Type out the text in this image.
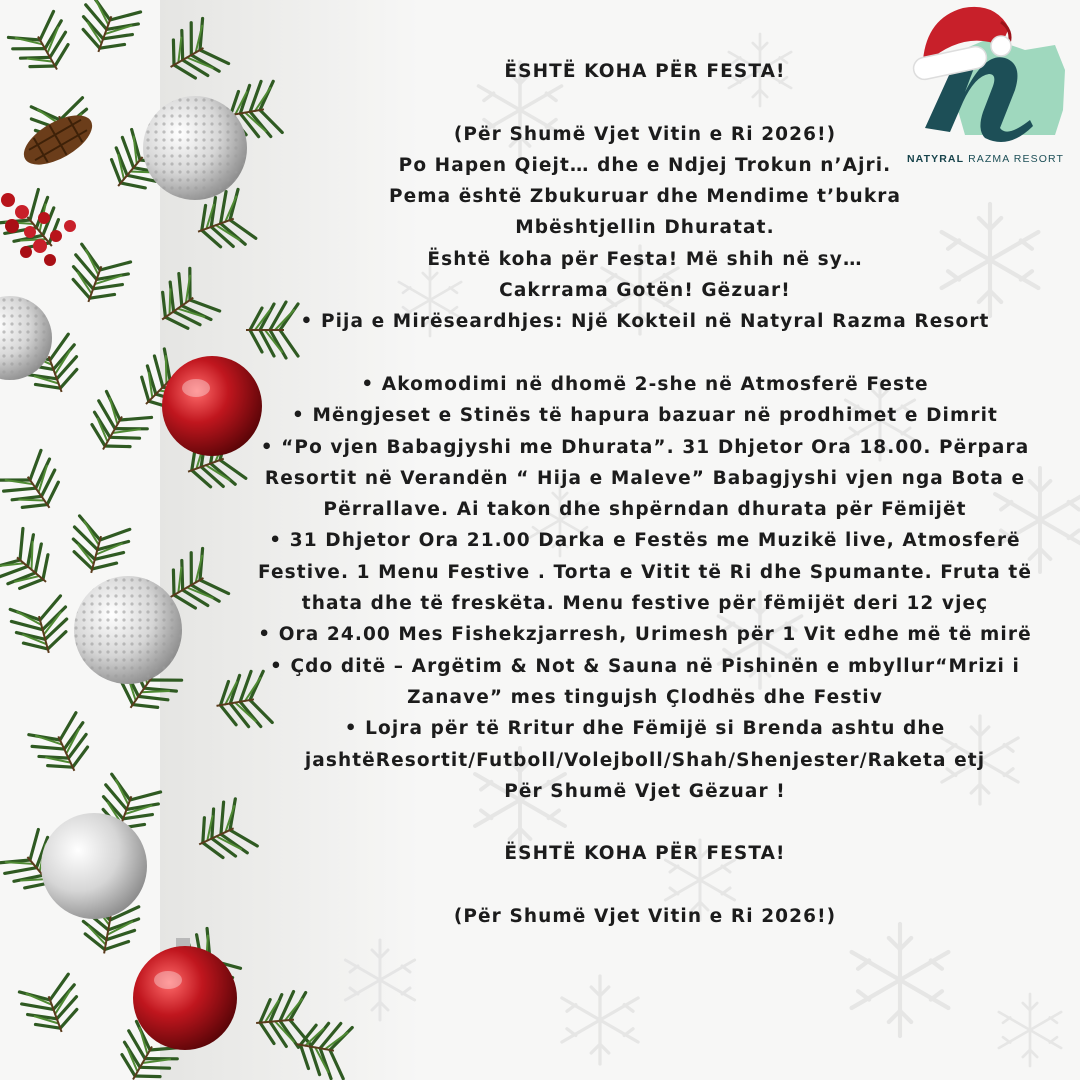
NATYRAL RAZMA RESORT
ËSHTË KOHA PËR FESTA!
(Për Shumë Vjet Vitin e Ri 2026!)
Po Hapen Qiejt… dhe e Ndjej Trokun n’Ajri.
Pema është Zbukuruar dhe Mendime t’bukra
Mbështjellin Dhuratat.
Është koha për Festa! Më shih në sy…
Cakrrama Gotën! Gëzuar!
• Pija e Mirëseardhjes: Një Kokteil në Natyral Razma Resort
• Akomodimi në dhomë 2-she në Atmosferë Feste
• Mëngjeset e Stinës të hapura bazuar në prodhimet e Dimrit
• “Po vjen Babagjyshi me Dhurata”. 31 Dhjetor Ora 18.00. Përpara
Resortit në Verandën “ Hija e Maleve” Babagjyshi vjen nga Bota e
Përrallave. Ai takon dhe shpërndan dhurata për Fëmijët
• 31 Dhjetor Ora 21.00 Darka e Festës me Muzikë live, Atmosferë
Festive. 1 Menu Festive . Torta e Vitit të Ri dhe Spumante. Fruta të
thata dhe të freskëta. Menu festive për fëmijët deri 12 vjeç
• Ora 24.00 Mes Fishekzjarresh, Urimesh për 1 Vit edhe më të mirë
• Çdo ditë – Argëtim & Not & Sauna në Pishinën e mbyllur“Mrizi i
Zanave” mes tingujsh Çlodhës dhe Festiv
• Lojra për të Rritur dhe Fëmijë si Brenda ashtu dhe
jashtëResortit/Futboll/Volejboll/Shah/Shenjester/Raketa etj
Për Shumë Vjet Gëzuar !
ËSHTË KOHA PËR FESTA!
(Për Shumë Vjet Vitin e Ri 2026!)
